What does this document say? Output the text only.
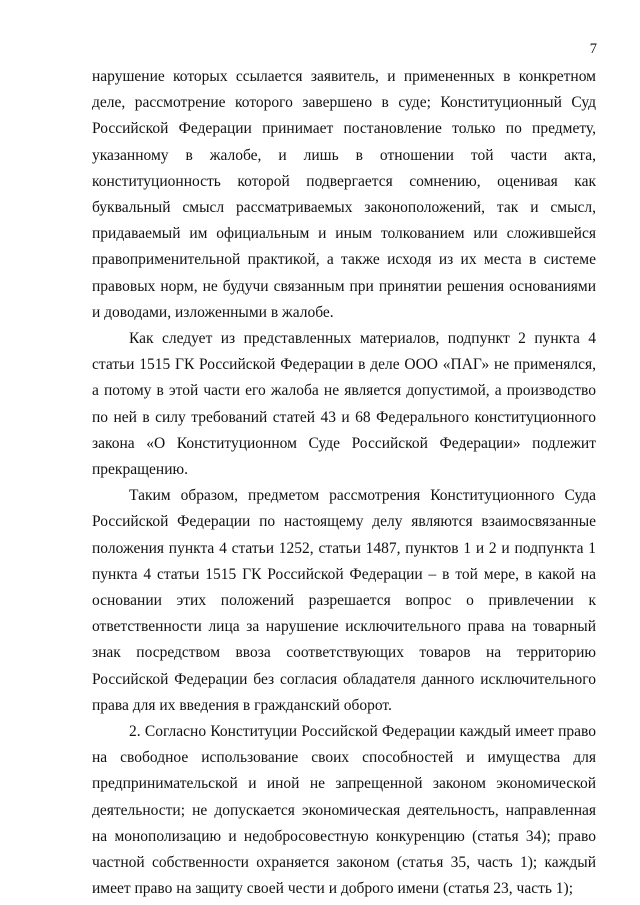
7

нарушение которых ссылается заявитель, и примененных в конкретном деле, рассмотрение которого завершено в суде; Конституционный Суд Российской Федерации принимает постановление только по предмету, указанному в жалобе, и лишь в отношении той части акта, конституционность которой подвергается сомнению, оценивая как буквальный смысл рассматриваемых законоположений, так и смысл, придаваемый им официальным и иным толкованием или сложившейся правоприменительной практикой, а также исходя из их места в системе правовых норм, не будучи связанным при принятии решения основаниями и доводами, изложенными в жалобе.

Как следует из представленных материалов, подпункт 2 пункта 4 статьи 1515 ГК Российской Федерации в деле ООО «ПАГ» не применялся, а потому в этой части его жалоба не является допустимой, а производство по ней в силу требований статей 43 и 68 Федерального конституционного закона «О Конституционном Суде Российской Федерации» подлежит прекращению.

Таким образом, предметом рассмотрения Конституционного Суда Российской Федерации по настоящему делу являются взаимосвязанные положения пункта 4 статьи 1252, статьи 1487, пунктов 1 и 2 и подпункта 1 пункта 4 статьи 1515 ГК Российской Федерации – в той мере, в какой на основании этих положений разрешается вопрос о привлечении к ответственности лица за нарушение исключительного права на товарный знак посредством ввоза соответствующих товаров на территорию Российской Федерации без согласия обладателя данного исключительного права для их введения в гражданский оборот.

2. Согласно Конституции Российской Федерации каждый имеет право на свободное использование своих способностей и имущества для предпринимательской и иной не запрещенной законом экономической деятельности; не допускается экономическая деятельность, направленная на монополизацию и недобросовестную конкуренцию (статья 34); право частной собственности охраняется законом (статья 35, часть 1); каждый имеет право на защиту своей чести и доброго имени (статья 23, часть 1);
